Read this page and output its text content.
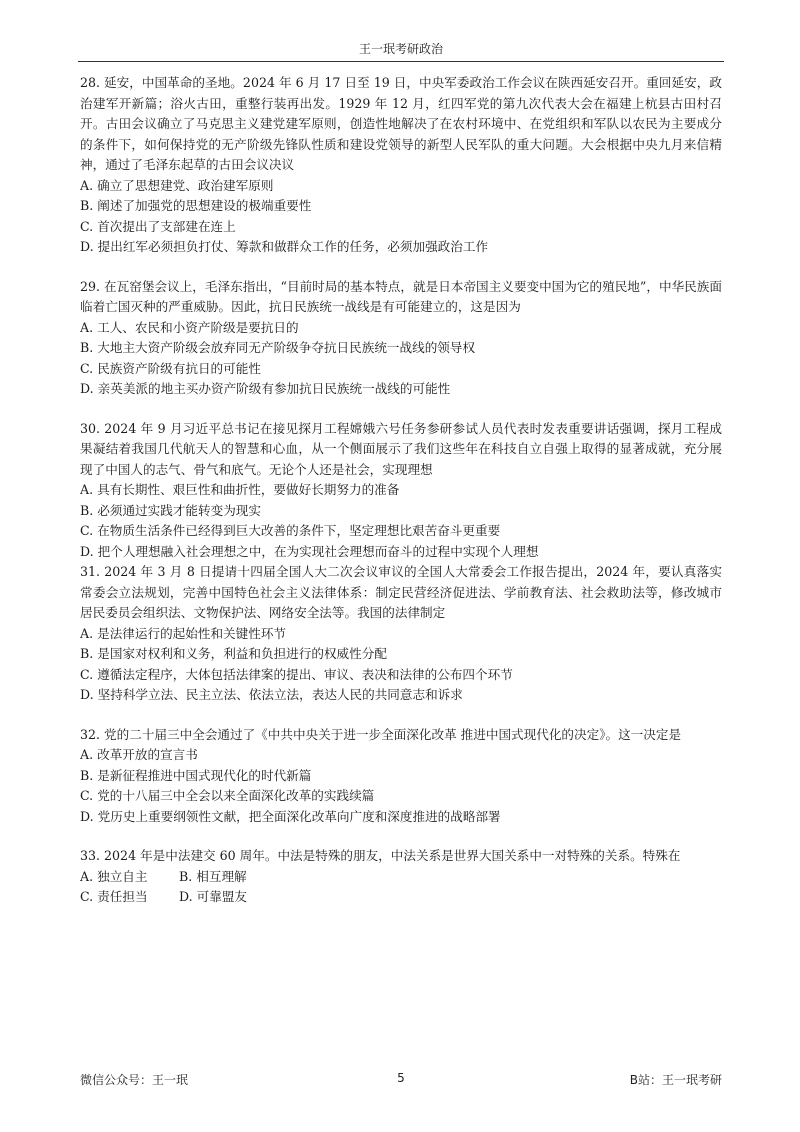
王一珉考研政治
28. 延安，中国革命的圣地。2024 年 6 月 17 日至 19 日，中央军委政治工作会议在陕西延安召开。重回延安，政治建军开新篇；浴火古田，重整行装再出发。1929 年 12 月，红四军党的第九次代表大会在福建上杭县古田村召开。古田会议确立了马克思主义建党建军原则，创造性地解决了在农村环境中、在党组织和军队以农民为主要成分的条件下，如何保持党的无产阶级先锋队性质和建设党领导的新型人民军队的重大问题。大会根据中央九月来信精神，通过了毛泽东起草的古田会议决议
A. 确立了思想建党、政治建军原则
B. 阐述了加强党的思想建设的极端重要性
C. 首次提出了支部建在连上
D. 提出红军必须担负打仗、筹款和做群众工作的任务，必须加强政治工作
29. 在瓦窑堡会议上，毛泽东指出，“目前时局的基本特点，就是日本帝国主义要变中国为它的殖民地”，中华民族面临着亡国灭种的严重威胁。因此，抗日民族统一战线是有可能建立的，这是因为
A. 工人、农民和小资产阶级是要抗日的
B. 大地主大资产阶级会放弃同无产阶级争夺抗日民族统一战线的领导权
C. 民族资产阶级有抗日的可能性
D. 亲英美派的地主买办资产阶级有参加抗日民族统一战线的可能性
30. 2024 年 9 月习近平总书记在接见探月工程嫦娥六号任务参研参试人员代表时发表重要讲话强调，探月工程成果凝结着我国几代航天人的智慧和心血，从一个侧面展示了我们这些年在科技自立自强上取得的显著成就，充分展现了中国人的志气、骨气和底气。无论个人还是社会，实现理想
A. 具有长期性、艰巨性和曲折性，要做好长期努力的准备
B. 必须通过实践才能转变为现实
C. 在物质生活条件已经得到巨大改善的条件下，坚定理想比艰苦奋斗更重要
D. 把个人理想融入社会理想之中，在为实现社会理想而奋斗的过程中实现个人理想
31. 2024 年 3 月 8 日提请十四届全国人大二次会议审议的全国人大常委会工作报告提出，2024 年，要认真落实常委会立法规划，完善中国特色社会主义法律体系：制定民营经济促进法、学前教育法、社会救助法等，修改城市居民委员会组织法、文物保护法、网络安全法等。我国的法律制定
A. 是法律运行的起始性和关键性环节
B. 是国家对权利和义务，利益和负担进行的权威性分配
C. 遵循法定程序，大体包括法律案的提出、审议、表决和法律的公布四个环节
D. 坚持科学立法、民主立法、依法立法，表达人民的共同意志和诉求
32. 党的二十届三中全会通过了《中共中央关于进一步全面深化改革 推进中国式现代化的决定》。这一决定是
A. 改革开放的宣言书
B. 是新征程推进中国式现代化的时代新篇
C. 党的十八届三中全会以来全面深化改革的实践续篇
D. 党历史上重要纲领性文献，把全面深化改革向广度和深度推进的战略部署
33. 2024 年是中法建交 60 周年。中法是特殊的朋友，中法关系是世界大国关系中一对特殊的关系。特殊在
A. 独立自主	B. 相互理解
C. 责任担当 D. 可靠盟友
微信公众号：王一珉	5	B站：王一珉考研
